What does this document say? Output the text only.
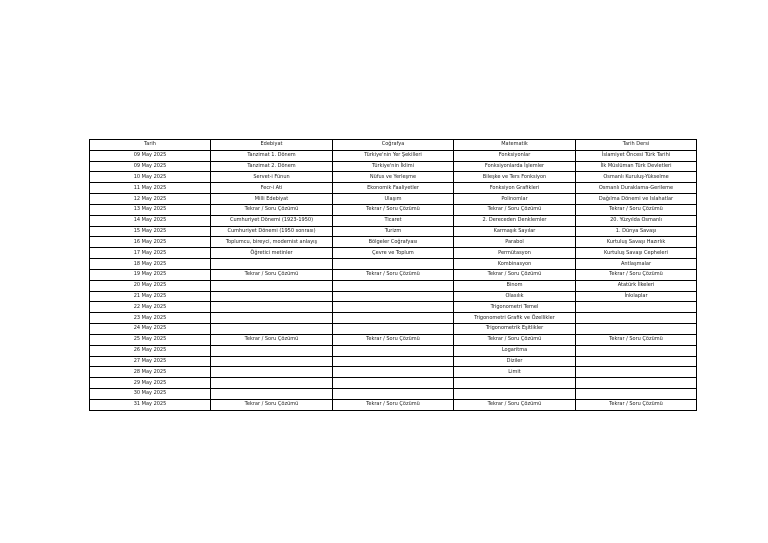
Tarih	Edebiyat	Coğrafya	Matematik	Tarih Dersi
09 May 2025	Tanzimat 1. Dönem	Türkiye'nin Yer Şekilleri	Fonksiyonlar	İslamiyet Öncesi Türk Tarihi
09 May 2025	Tanzimat 2. Dönem	Türkiye'nin İklimi	Fonksiyonlarda İşlemler	İlk Müslüman Türk Devletleri
10 May 2025	Servet-i Fünun	Nüfus ve Yerleşme	Bileşke ve Ters Fonksiyon	Osmanlı Kuruluş-Yükselme
11 May 2025	Fecr-i Ati	Ekonomik Faaliyetler	Fonksiyon Grafikleri	Osmanlı Duraklama-Gerileme
12 May 2025	Milli Edebiyat	Ulaşım	Polinomlar	Dağılma Dönemi ve Islahatlar
13 May 2025	Tekrar / Soru Çözümü	Tekrar / Soru Çözümü	Tekrar / Soru Çözümü	Tekrar / Soru Çözümü
14 May 2025	Cumhuriyet Dönemi (1923-1950)	Ticaret	2. Dereceden Denklemler	20. Yüzyılda Osmanlı
15 May 2025	Cumhuriyet Dönemi (1950 sonrası)	Turizm	Karmaşık Sayılar	1. Dünya Savaşı
16 May 2025	Toplumcu, bireyci, modernist anlayış	Bölgeler Coğrafyası	Parabol	Kurtuluş Savaşı Hazırlık
17 May 2025	Öğretici metinler	Çevre ve Toplum	Permütasyon	Kurtuluş Savaşı Cepheleri
18 May 2025			Kombinasyon	Antlaşmalar
19 May 2025	Tekrar / Soru Çözümü	Tekrar / Soru Çözümü	Tekrar / Soru Çözümü	Tekrar / Soru Çözümü
20 May 2025			Binom	Atatürk İlkeleri
21 May 2025			Olasılık	İnkılaplar
22 May 2025			Trigonometri Temel	
23 May 2025			Trigonometri Grafik ve Özellikler	
24 May 2025			Trigonometrik Eşitlikler	
25 May 2025	Tekrar / Soru Çözümü	Tekrar / Soru Çözümü	Tekrar / Soru Çözümü	Tekrar / Soru Çözümü
26 May 2025			Logaritma	
27 May 2025			Diziler	
28 May 2025			Limit	
29 May 2025				
30 May 2025				
31 May 2025	Tekrar / Soru Çözümü	Tekrar / Soru Çözümü	Tekrar / Soru Çözümü	Tekrar / Soru Çözümü
